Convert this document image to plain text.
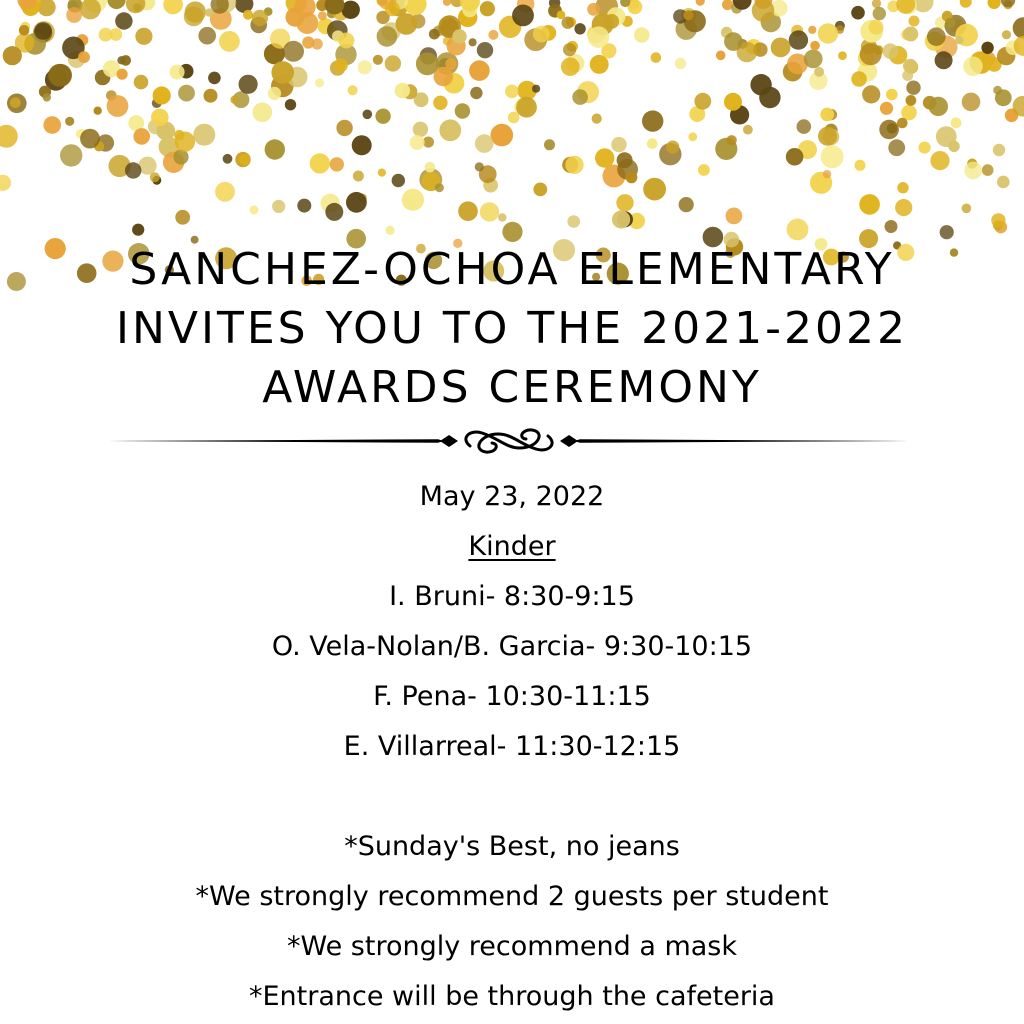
SANCHEZ-OCHOA ELEMENTARY
INVITES YOU TO THE 2021-2022
AWARDS CEREMONY
May 23, 2022
Kinder
I. Bruni- 8:30-9:15
O. Vela-Nolan/B. Garcia- 9:30-10:15
F. Pena- 10:30-11:15
E. Villarreal- 11:30-12:15
*Sunday's Best, no jeans
*We strongly recommend 2 guests per student
*We strongly recommend a mask
*Entrance will be through the cafeteria
